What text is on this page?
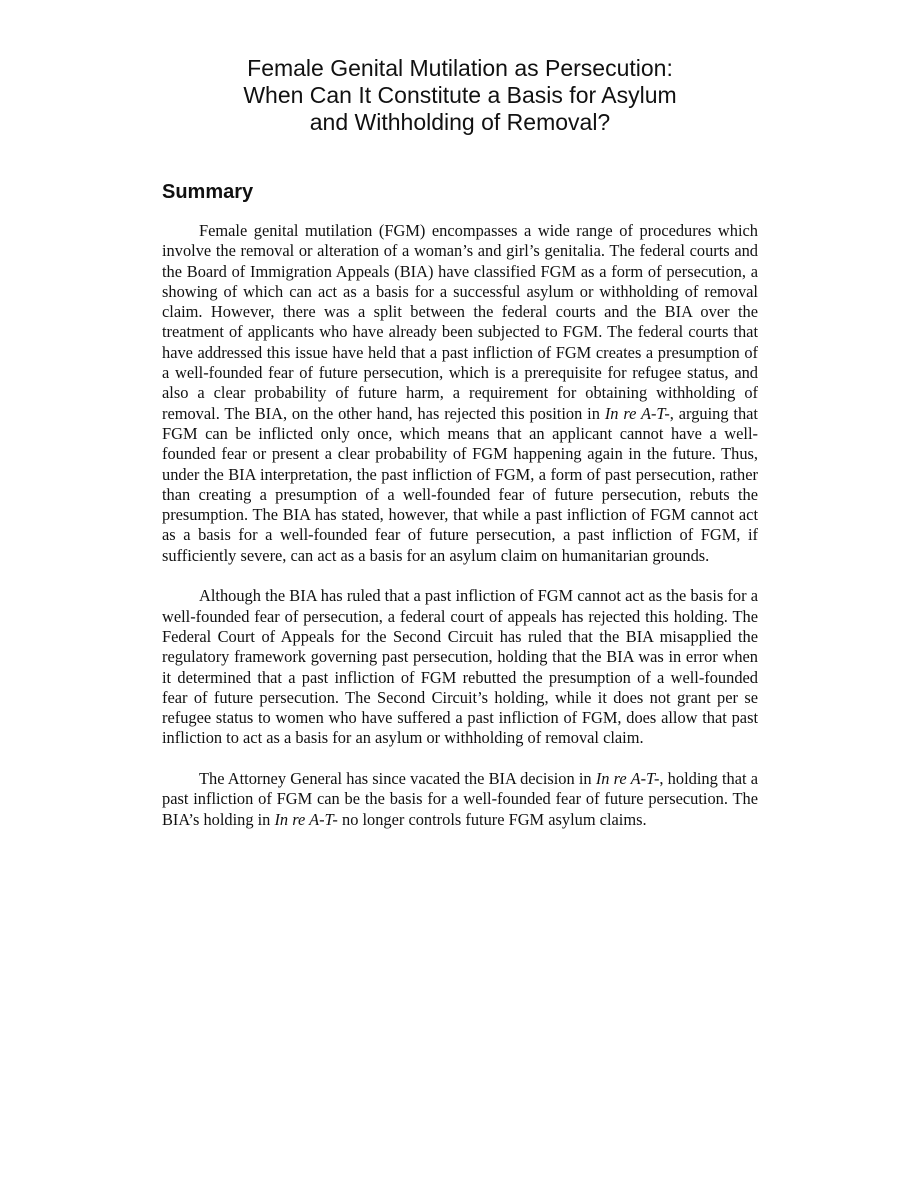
Female Genital Mutilation as Persecution:
When Can It Constitute a Basis for Asylum
and Withholding of Removal?
Summary

Female genital mutilation (FGM) encompasses a wide range of procedures which involve the removal or alteration of a woman’s and girl’s genitalia. The federal courts and the Board of Immigration Appeals (BIA) have classified FGM as a form of persecution, a showing of which can act as a basis for a successful asylum or withholding of removal claim. However, there was a split between the federal courts and the BIA over the treatment of applicants who have already been subjected to FGM. The federal courts that have addressed this issue have held that a past infliction of FGM creates a presumption of a well-founded fear of future persecution, which is a prerequisite for refugee status, and also a clear probability of future harm, a requirement for obtaining withholding of removal. The BIA, on the other hand, has rejected this position in In re A-T-, arguing that FGM can be inflicted only once, which means that an applicant cannot have a well-founded fear or present a clear probability of FGM happening again in the future. Thus, under the BIA interpretation, the past infliction of FGM, a form of past persecution, rather than creating a presumption of a well-founded fear of future persecution, rebuts the presumption. The BIA has stated, however, that while a past infliction of FGM cannot act as a basis for a well-founded fear of future persecution, a past infliction of FGM, if sufficiently severe, can act as a basis for an asylum claim on humanitarian grounds.

Although the BIA has ruled that a past infliction of FGM cannot act as the basis for a well-founded fear of persecution, a federal court of appeals has rejected this holding. The Federal Court of Appeals for the Second Circuit has ruled that the BIA misapplied the regulatory framework governing past persecution, holding that the BIA was in error when it determined that a past infliction of FGM rebutted the presumption of a well-founded fear of future persecution. The Second Circuit’s holding, while it does not grant per se refugee status to women who have suffered a past infliction of FGM, does allow that past infliction to act as a basis for an asylum or withholding of removal claim.

The Attorney General has since vacated the BIA decision in In re A-T-, holding that a past infliction of FGM can be the basis for a well-founded fear of future persecution. The BIA’s holding in In re A-T- no longer controls future FGM asylum claims.
